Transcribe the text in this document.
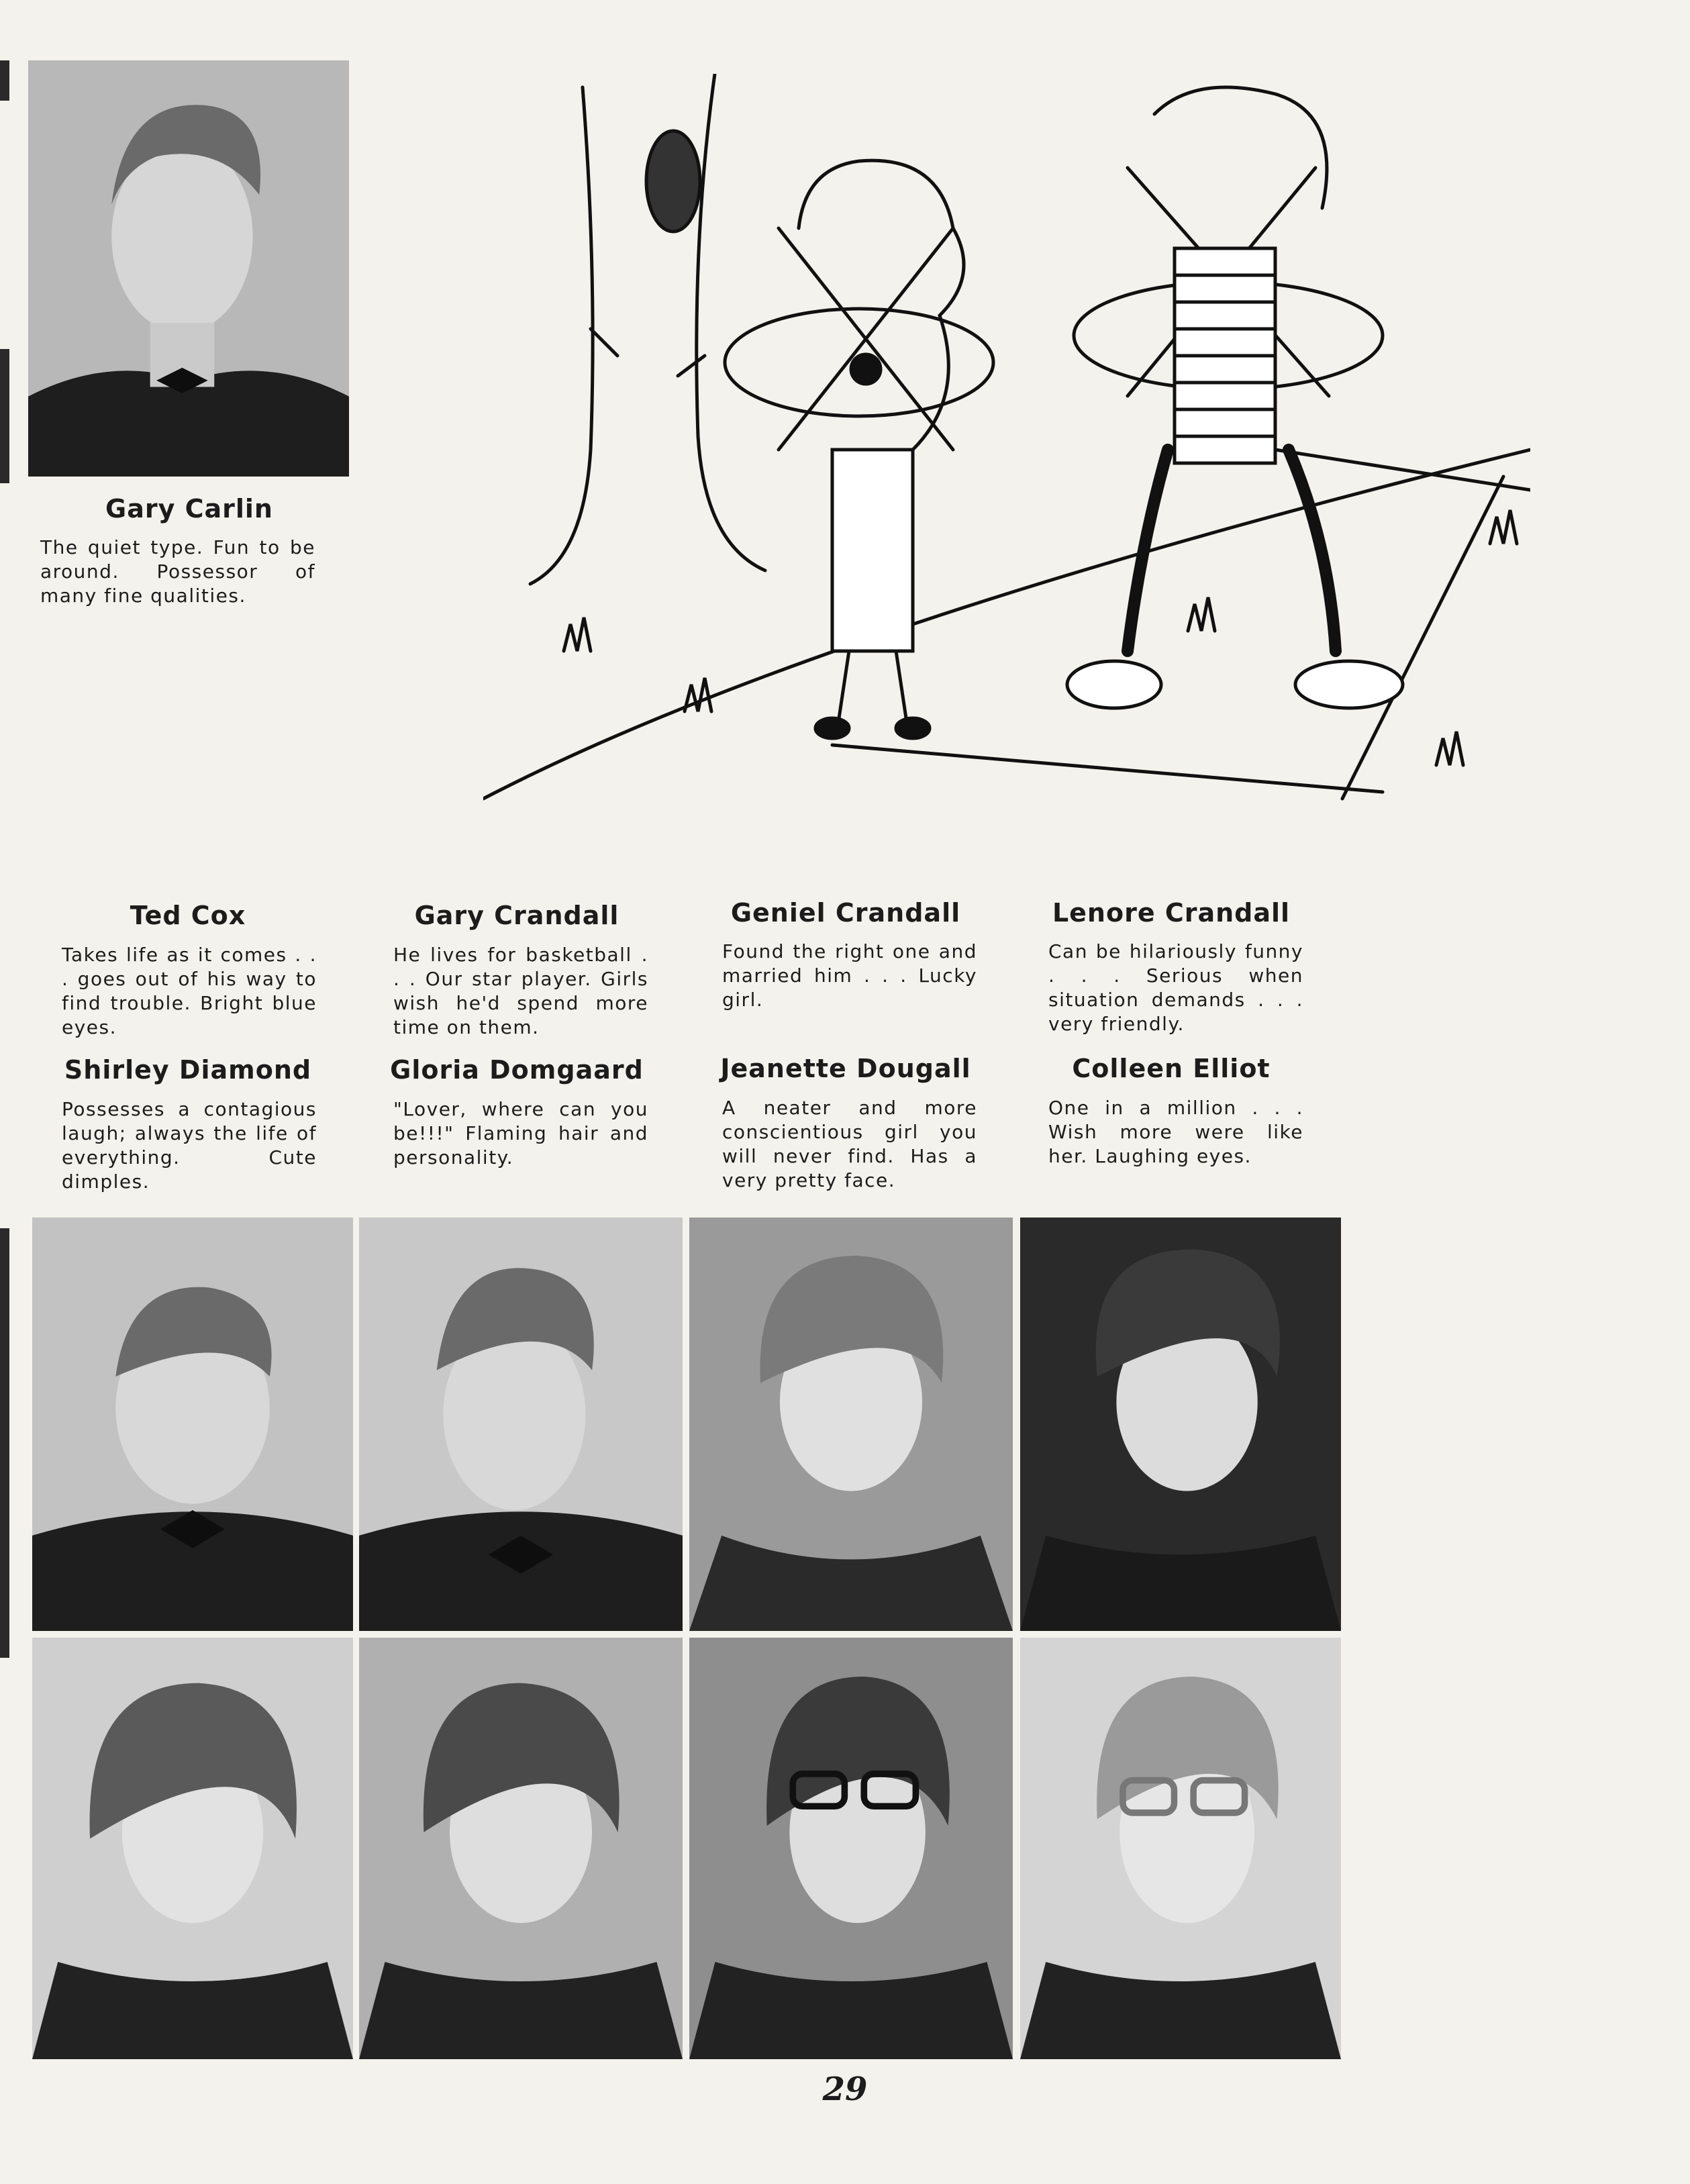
Gary Carlin
The quiet type. Fun to be around. Possessor of many fine qualities.
Ted Cox
Takes life as it comes . . . goes out of his way to find trouble. Bright blue eyes.
Gary Crandall
He lives for basketball . . . Our star player. Girls wish he'd spend more time on them.
Geniel Crandall
Found the right one and married him . . . Lucky girl.
Lenore Crandall
Can be hilariously funny . . . Serious when situation demands . . . very friendly.
Shirley Diamond
Possesses a contagious laugh; always the life of everything. Cute dimples.
Gloria Domgaard
"Lover, where can you be!!!" Flaming hair and personality.
Jeanette Dougall
A neater and more conscientious girl you will never find. Has a very pretty face.
Colleen Elliot
One in a million . . . Wish more were like her. Laughing eyes.
29
